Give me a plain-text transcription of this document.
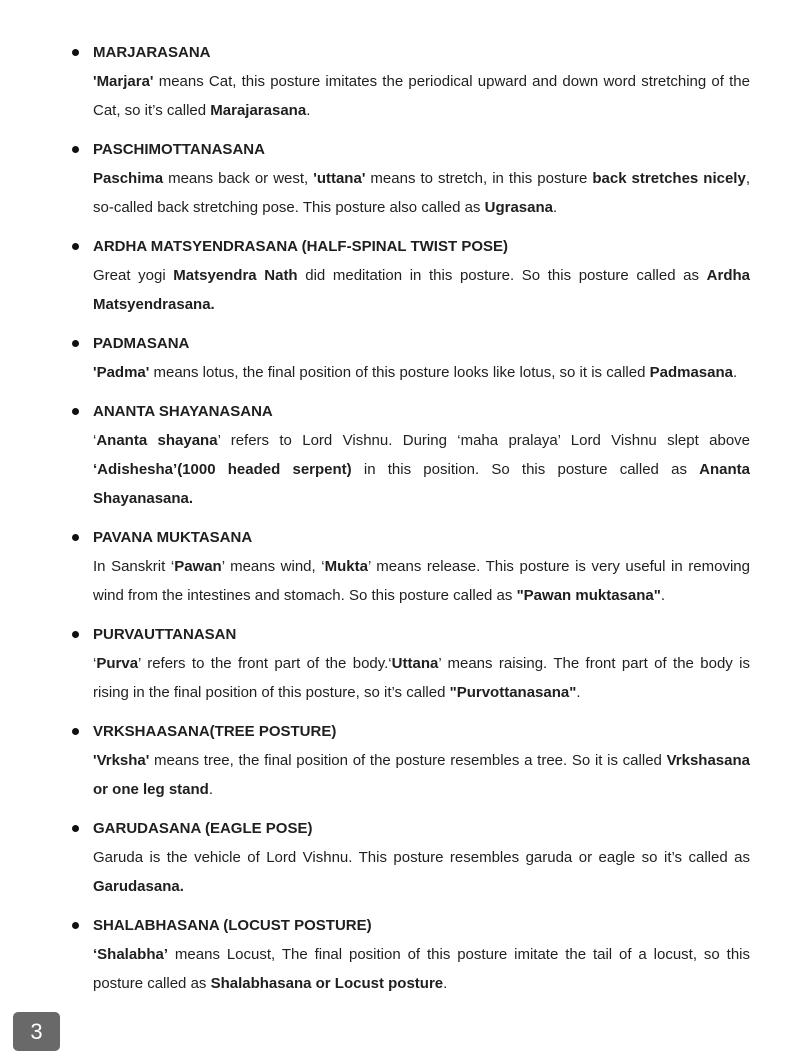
MARJARASANA

'Marjara' means Cat, this posture imitates the periodical upward and down word stretching of the Cat, so it’s called Marajarasana.

PASCHIMOTTANASANA

Paschima means back or west, 'uttana' means to stretch, in this posture back stretches nicely, so-called back stretching pose. This posture also called as Ugrasana.

ARDHA MATSYENDRASANA (HALF-SPINAL TWIST POSE)

Great yogi Matsyendra Nath did meditation in this posture. So this posture called as Ardha Matsyendrasana.

PADMASANA

'Padma' means lotus, the final position of this posture looks like lotus, so it is called Padmasana.

ANANTA SHAYANASANA

‘Ananta shayana’ refers to Lord Vishnu. During ‘maha pralaya’ Lord Vishnu slept above ‘Adishesha’(1000 headed serpent) in this position. So this posture called as Ananta Shayanasana.

PAVANA MUKTASANA

In Sanskrit ‘Pawan’ means wind, ‘Mukta’ means release. This posture is very useful in removing wind from the intestines and stomach. So this posture called as "Pawan muktasana".

PURVAUTTANASAN

‘Purva’ refers to the front part of the body.‘Uttana’ means raising. The front part of the body is rising in the final position of this posture, so it’s called "Purvottanasana".

VRKSHAASANA(TREE POSTURE)

'Vrksha' means tree, the final position of the posture resembles a tree. So it is called Vrkshasana or one leg stand.

GARUDASANA (EAGLE POSE)

Garuda is the vehicle of Lord Vishnu. This posture resembles garuda or eagle so it’s called as Garudasana.

SHALABHASANA (LOCUST POSTURE)

‘Shalabha’ means Locust, The final position of this posture imitate the tail of a locust, so this posture called as Shalabhasana or Locust posture.

3
